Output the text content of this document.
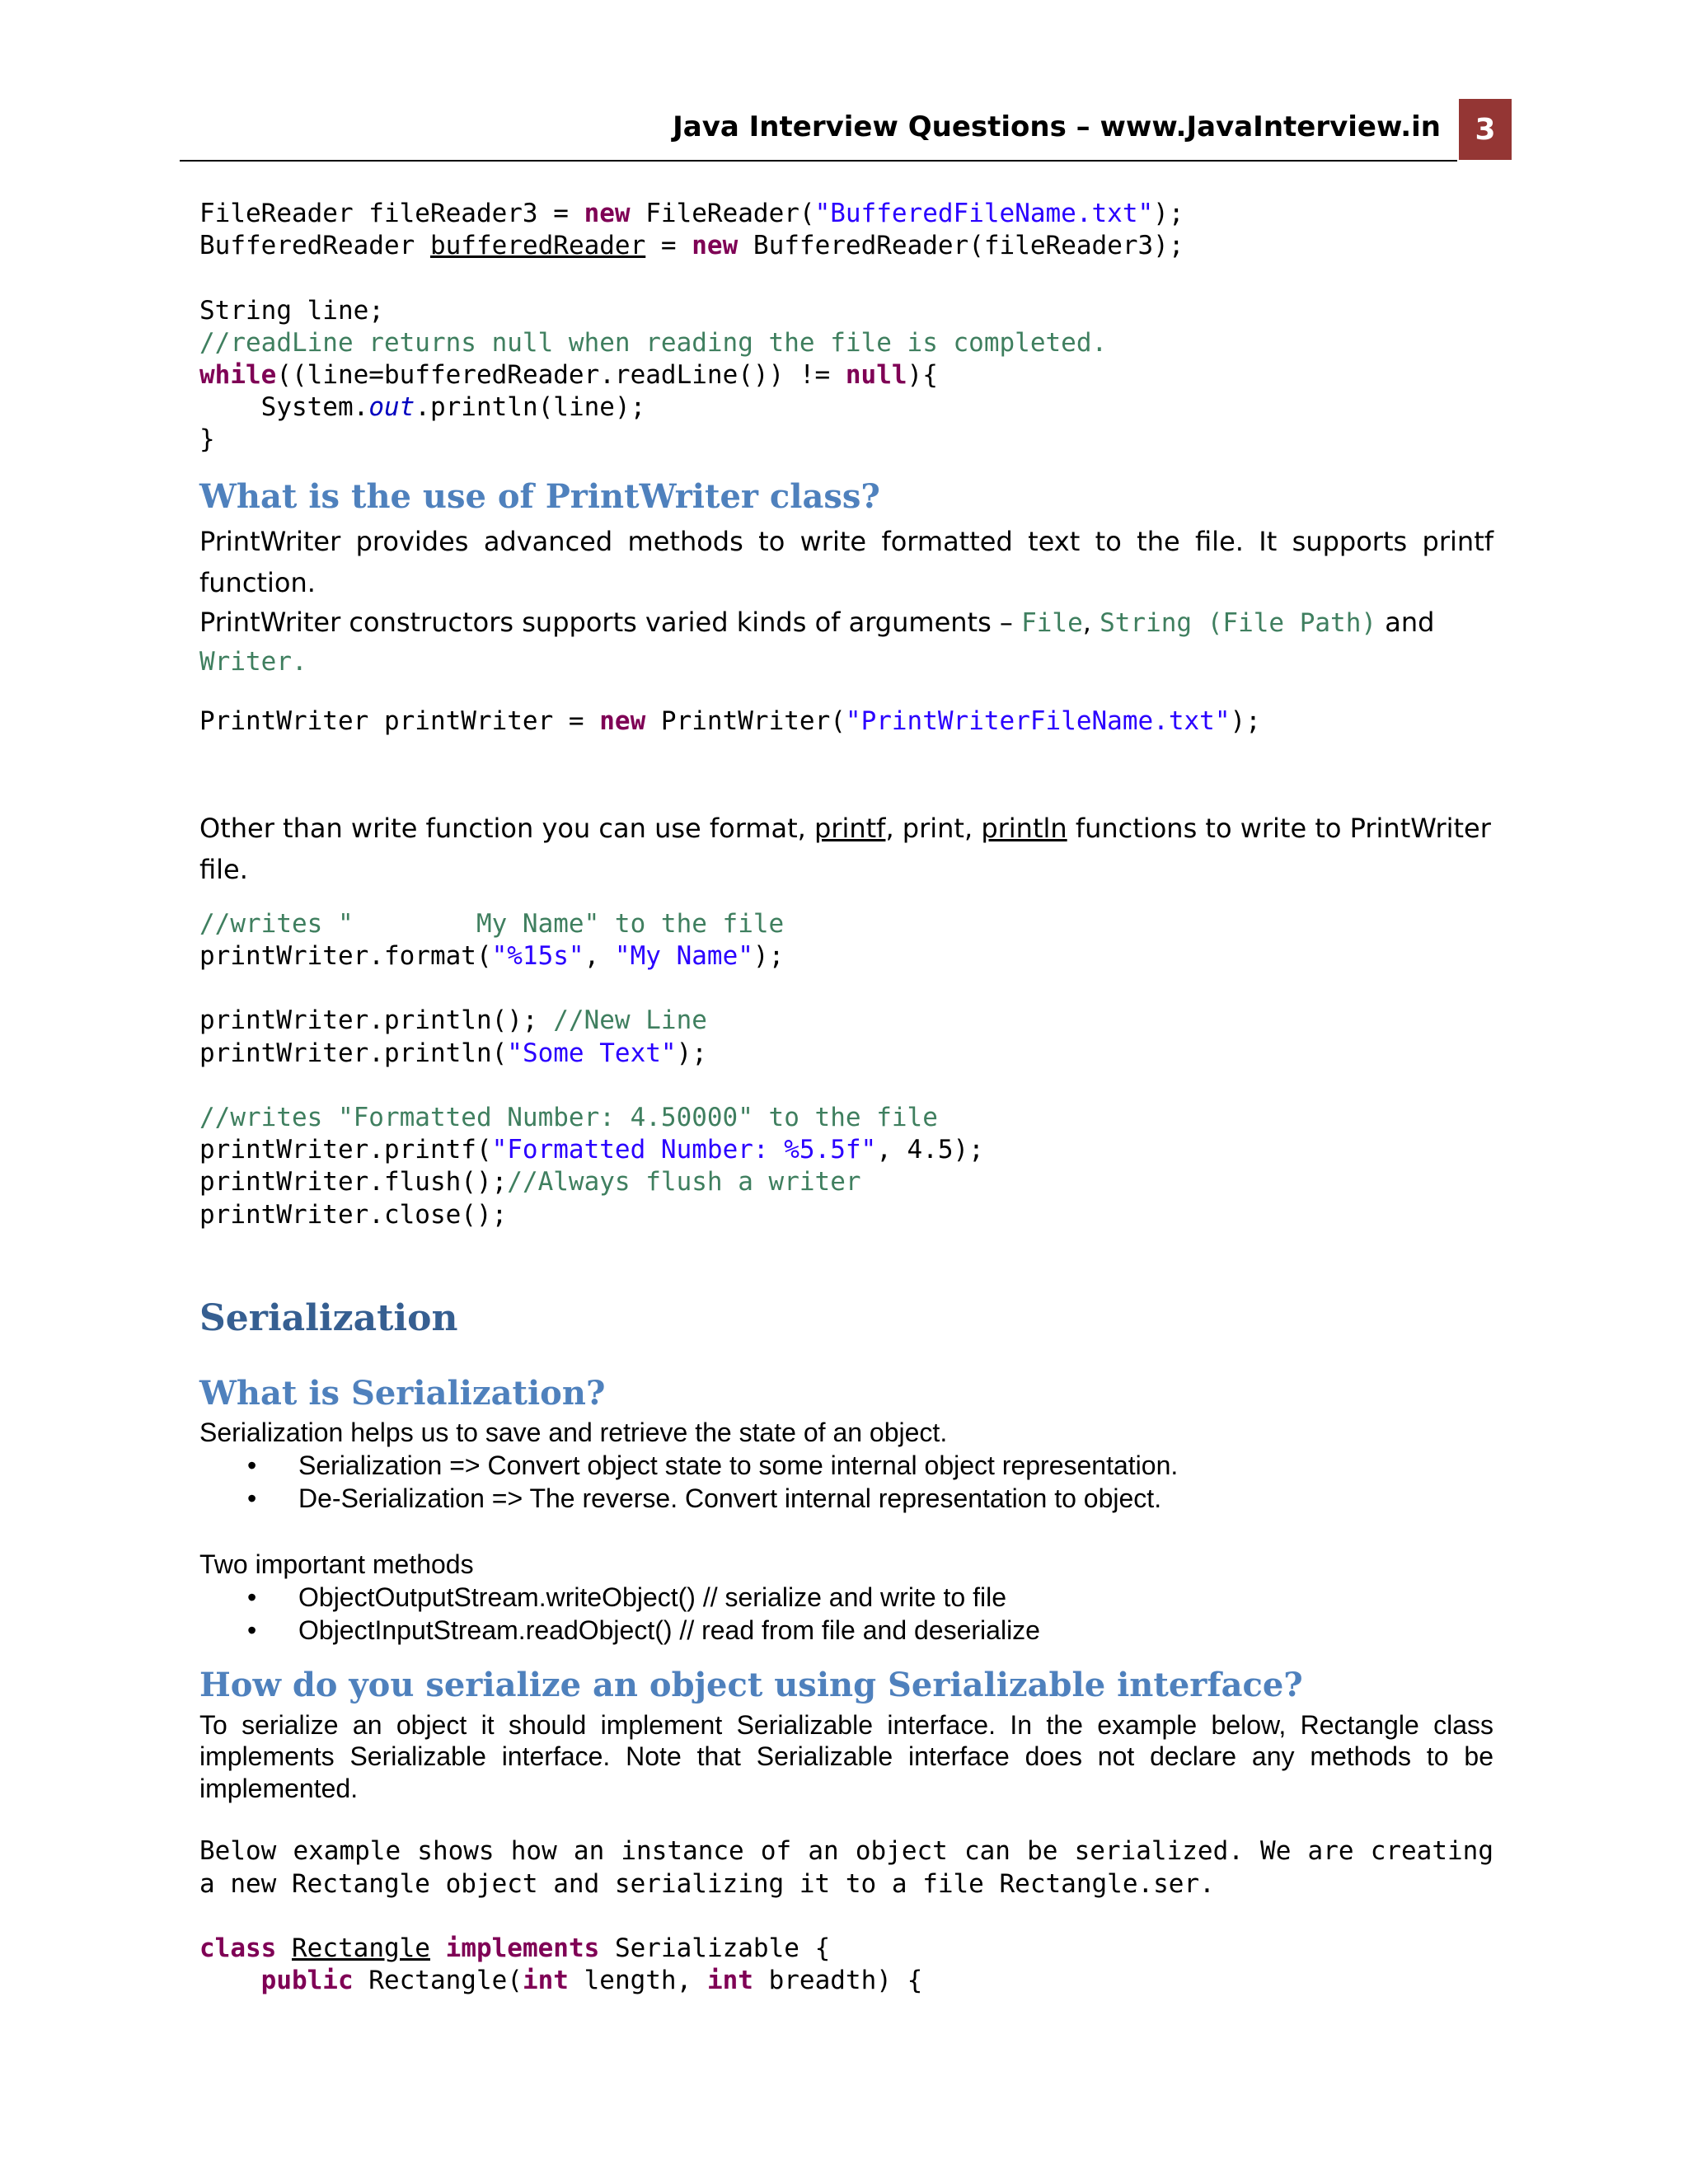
Java Interview Questions – www.JavaInterview.in	3
FileReader fileReader3 = new FileReader("BufferedFileName.txt");
BufferedReader bufferedReader = new BufferedReader(fileReader3);

String line;
//readLine returns null when reading the file is completed.
while((line=bufferedReader.readLine()) != null){
System.out.println(line);
}
What is the use of PrintWriter class?

PrintWriter provides advanced methods to write formatted text to the file. It supports printf function.

PrintWriter constructors supports varied kinds of arguments – File, String (File Path) and
Writer.

PrintWriter printWriter = new PrintWriter("PrintWriterFileName.txt");

Other than write function you can use format, printf, print, println functions to write to PrintWriter file.

//writes "        My Name" to the file
printWriter.format("%15s", "My Name");

printWriter.println(); //New Line
printWriter.println("Some Text");

//writes "Formatted Number: 4.50000" to the file
printWriter.printf("Formatted Number: %5.5f", 4.5);
printWriter.flush();//Always flush a writer
printWriter.close();
Serialization
What is Serialization?

Serialization helps us to save and retrieve the state of an object.

• Serialization => Convert object state to some internal object representation.
• De-Serialization => The reverse. Convert internal representation to object.

Two important methods

• ObjectOutputStream.writeObject() // serialize and write to file
• ObjectInputStream.readObject() // read from file and deserialize
How do you serialize an object using Serializable interface?

To serialize an object it should implement Serializable interface. In the example below, Rectangle class implements Serializable interface. Note that Serializable interface does not declare any methods to be implemented.

Below example shows how an instance of an object can be serialized. We are creating a new Rectangle object and serializing it to a file Rectangle.ser.

class Rectangle implements Serializable {
public Rectangle(int length, int breadth) {
